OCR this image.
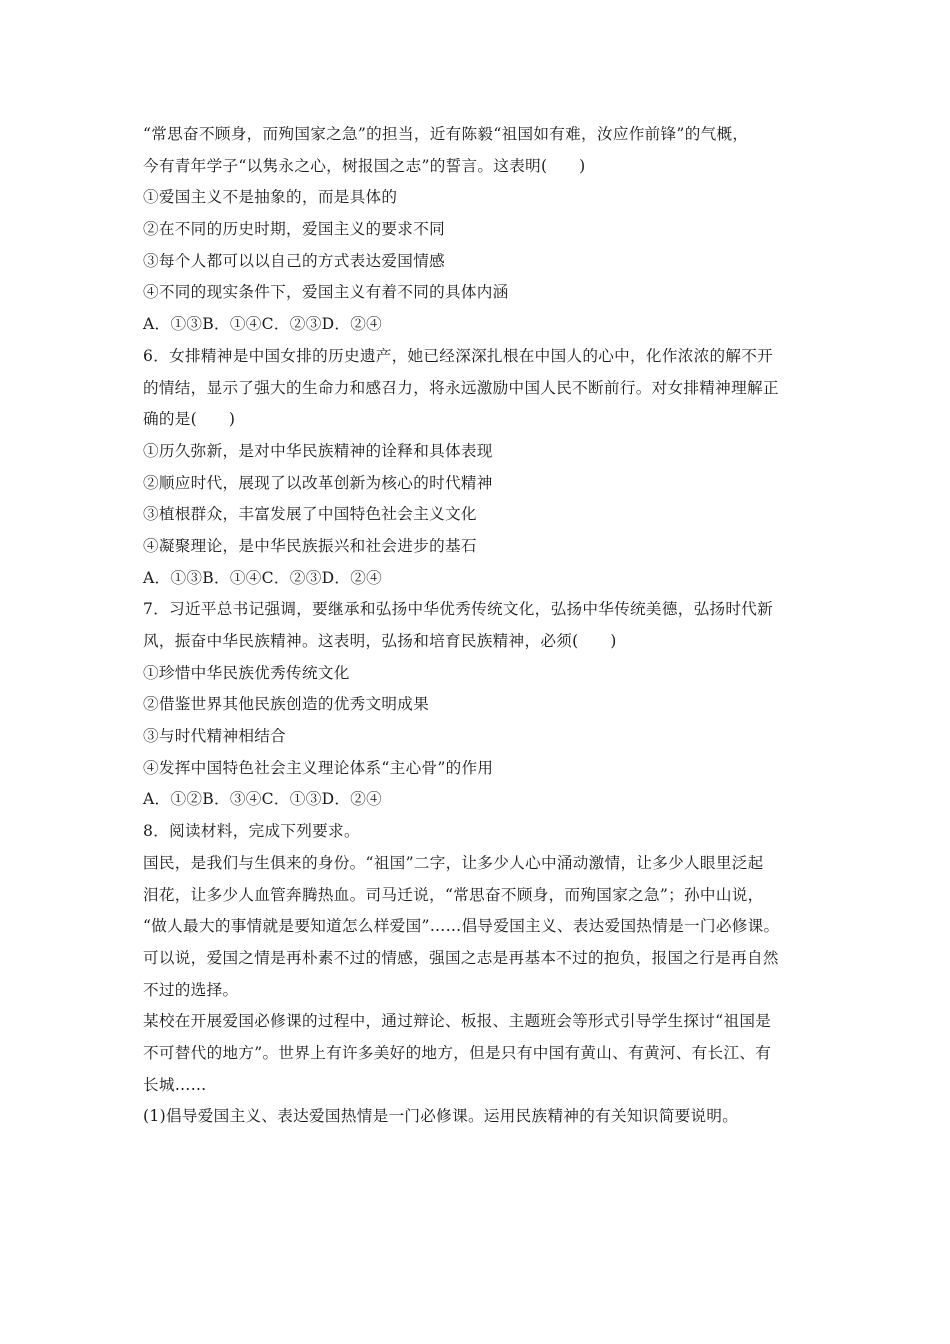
“常思奋不顾身，而殉国家之急”的担当，近有陈毅“祖国如有难，汝应作前锋”的气概，
今有青年学子“以隽永之心，树报国之志”的誓言。这表明(　　)
①爱国主义不是抽象的，而是具体的
②在不同的历史时期，爱国主义的要求不同
③每个人都可以以自己的方式表达爱国情感
④不同的现实条件下，爱国主义有着不同的具体内涵
A．①③B．①④C．②③D．②④
6．女排精神是中国女排的历史遗产，她已经深深扎根在中国人的心中，化作浓浓的解不开
的情结，显示了强大的生命力和感召力，将永远激励中国人民不断前行。对女排精神理解正
确的是(　　)
①历久弥新，是对中华民族精神的诠释和具体表现
②顺应时代，展现了以改革创新为核心的时代精神
③植根群众，丰富发展了中国特色社会主义文化
④凝聚理论，是中华民族振兴和社会进步的基石
A．①③B．①④C．②③D．②④
7．习近平总书记强调，要继承和弘扬中华优秀传统文化，弘扬中华传统美德，弘扬时代新
风，振奋中华民族精神。这表明，弘扬和培育民族精神，必须(　　)
①珍惜中华民族优秀传统文化
②借鉴世界其他民族创造的优秀文明成果
③与时代精神相结合
④发挥中国特色社会主义理论体系“主心骨”的作用
A．①②B．③④C．①③D．②④
8．阅读材料，完成下列要求。
国民，是我们与生俱来的身份。“祖国”二字，让多少人心中涌动激情，让多少人眼里泛起
泪花，让多少人血管奔腾热血。司马迁说，“常思奋不顾身，而殉国家之急”；孙中山说，
“做人最大的事情就是要知道怎么样爱国”……倡导爱国主义、表达爱国热情是一门必修课。
可以说，爱国之情是再朴素不过的情感，强国之志是再基本不过的抱负，报国之行是再自然
不过的选择。
某校在开展爱国必修课的过程中，通过辩论、板报、主题班会等形式引导学生探讨“祖国是
不可替代的地方”。世界上有许多美好的地方，但是只有中国有黄山、有黄河、有长江、有
长城……
(1)倡导爱国主义、表达爱国热情是一门必修课。运用民族精神的有关知识简要说明。
